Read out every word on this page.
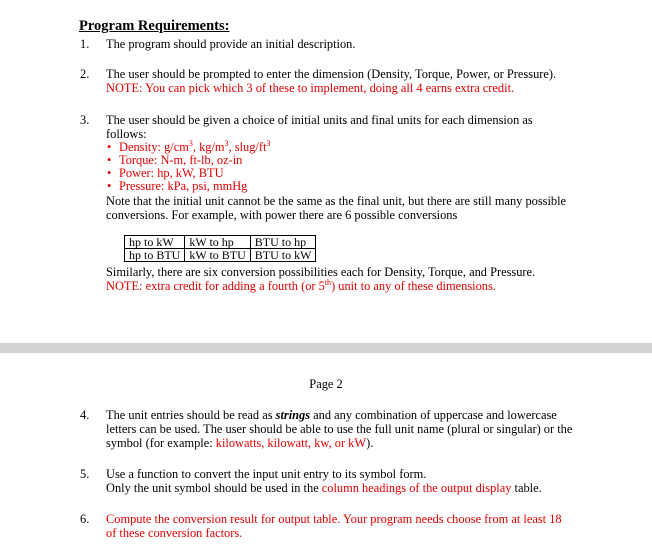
Program Requirements:
1.	The program should provide an initial description.
2.	The user should be prompted to enter the dimension (Density, Torque, Power, or Pressure).
NOTE: You can pick which 3 of these to implement, doing all 4 earns extra credit.
3.	The user should be given a choice of initial units and final units for each dimension as
follows:
• Density: $g/cm^3$, $kg/m^3$, slug/$ft^3$
• Torque: N-m, ft-lb, oz-in
• Power: hp, kW, BTU
• Pressure: kPa, psi, mmHg
Note that the initial unit cannot be the same as the final unit, but there are still many possible
conversions. For example, with power there are 6 possible conversions
hp to kW	kW to hp	BTU to hp
hp to BTU	kW to BTU	BTU to kW
Similarly, there are six conversion possibilities each for Density, Torque, and Pressure.
NOTE: extra credit for adding a fourth (or 5th) unit to any of these dimensions.
Page 2
4.	The unit entries should be read as strings and any combination of uppercase and lowercase
letters can be used. The user should be able to use the full unit name (plural or singular) or the
symbol (for example: kilowatts, kilowatt, kw, or kW).
5.	Use a function to convert the input unit entry to its symbol form.
Only the unit symbol should be used in the column headings of the output display table.
6.	Compute the conversion result for output table. Your program needs choose from at least 18
of these conversion factors.
